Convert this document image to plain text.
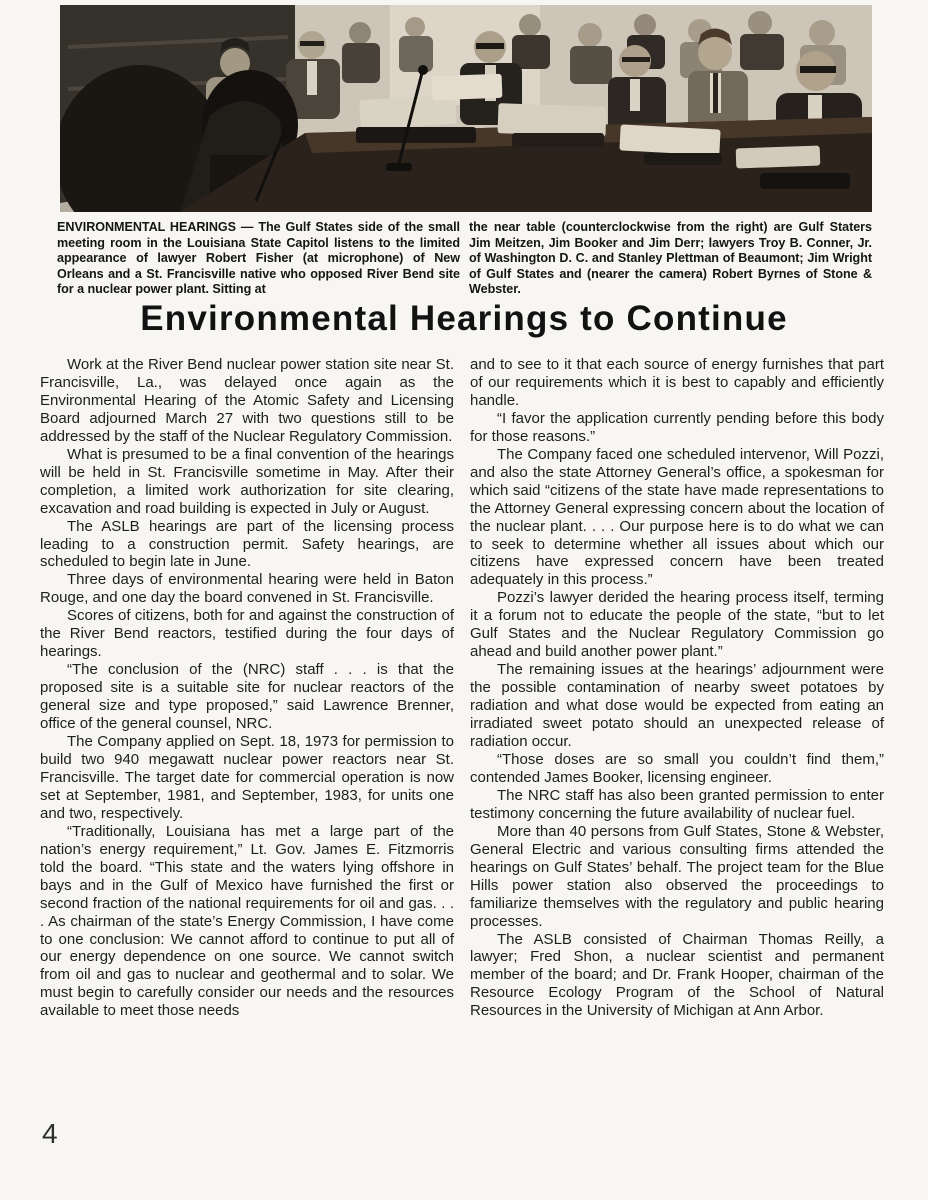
ENVIRONMENTAL HEARINGS — The Gulf States side of the small meeting room in the Louisiana State Capitol listens to the limited appearance of lawyer Robert Fisher (at microphone) of New Orleans and a St. Francisville native who opposed River Bend site for a nuclear power plant. Sitting at
the near table (counterclockwise from the right) are Gulf Staters Jim Meitzen, Jim Booker and Jim Derr; lawyers Troy B. Conner, Jr. of Washington D. C. and Stanley Plettman of Beaumont; Jim Wright of Gulf States and (nearer the camera) Robert Byrnes of Stone & Webster.
Environmental Hearings to Continue

Work at the River Bend nuclear power station site near St. Francisville, La., was delayed once again as the Environmental Hearing of the Atomic Safety and Licensing Board adjourned March 27 with two questions still to be addressed by the staff of the Nuclear Regulatory Commission.

What is presumed to be a final convention of the hearings will be held in St. Francisville sometime in May. After their completion, a limited work authorization for site clearing, excavation and road building is expected in July or August.

The ASLB hearings are part of the licensing process leading to a construction permit. Safety hearings, are scheduled to begin late in June.

Three days of environmental hearing were held in Baton Rouge, and one day the board convened in St. Francisville.

Scores of citizens, both for and against the construction of the River Bend reactors, testified during the four days of hearings.

“The conclusion of the (NRC) staff . . . is that the proposed site is a suitable site for nuclear reactors of the general size and type proposed,” said Lawrence Brenner, office of the general counsel, NRC.

The Company applied on Sept. 18, 1973 for permission to build two 940 megawatt nuclear power reactors near St. Francisville. The target date for commercial operation is now set at September, 1981, and September, 1983, for units one and two, respectively.

“Traditionally, Louisiana has met a large part of the nation’s energy requirement,” Lt. Gov. James E. Fitzmorris told the board. “This state and the waters lying offshore in bays and in the Gulf of Mexico have furnished the first or second fraction of the national requirements for oil and gas. . . . As chairman of the state’s Energy Commission, I have come to one conclusion: We cannot afford to continue to put all of our energy dependence on one source. We cannot switch from oil and gas to nuclear and geothermal and to solar. We must begin to carefully consider our needs and the resources available to meet those needs

and to see to it that each source of energy furnishes that part of our requirements which it is best to capably and efficiently handle.

“I favor the application currently pending before this body for those reasons.”

The Company faced one scheduled intervenor, Will Pozzi, and also the state Attorney General’s office, a spokesman for which said “citizens of the state have made representations to the Attorney General expressing concern about the location of the nuclear plant. . . . Our purpose here is to do what we can to seek to determine whether all issues about which our citizens have expressed concern have been treated adequately in this process.”

Pozzi’s lawyer derided the hearing process itself, terming it a forum not to educate the people of the state, “but to let Gulf States and the Nuclear Regulatory Commission go ahead and build another power plant.”

The remaining issues at the hearings’ adjournment were the possible contamination of nearby sweet potatoes by radiation and what dose would be expected from eating an irradiated sweet potato should an unexpected release of radiation occur.

“Those doses are so small you couldn’t find them,” contended James Booker, licensing engineer.

The NRC staff has also been granted permission to enter testimony concerning the future availability of nuclear fuel.

More than 40 persons from Gulf States, Stone & Webster, General Electric and various consulting firms attended the hearings on Gulf States’ behalf. The project team for the Blue Hills power station also observed the proceedings to familiarize themselves with the regulatory and public hearing processes.

The ASLB consisted of Chairman Thomas Reilly, a lawyer; Fred Shon, a nuclear scientist and permanent member of the board; and Dr. Frank Hooper, chairman of the Resource Ecology Program of the School of Natural Resources in the University of Michigan at Ann Arbor.

4
